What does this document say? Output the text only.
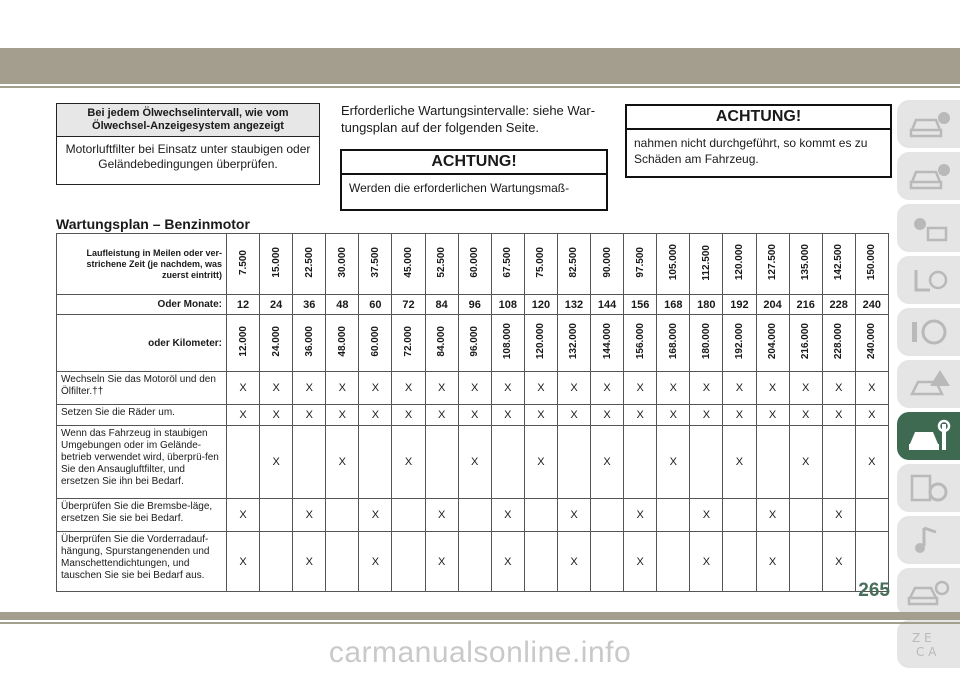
Bei jedem Ölwechselintervall, wie vom Ölwechsel-Anzeigesystem angezeigt
Motorluftfilter bei Einsatz unter staubigen oder Geländebedingungen überprüfen.
Erforderliche Wartungsintervalle: siehe War-tungsplan auf der folgenden Seite.
ACHTUNG!
Werden die erforderlichen Wartungsmaß-
ACHTUNG!
nahmen nicht durchgeführt, so kommt es zu Schäden am Fahrzeug.
Wartungsplan – Benzinmotor
Laufleistung in Meilen oder ver-strichene Zeit (je nachdem, was zuerst eintritt)	7.500	15.000	22.500	30.000	37.500	45.000	52.500	60.000	67.500	75.000	82.500	90.000	97.500	105.000	112.500	120.000	127.500	135.000	142.500	150.000
Oder Monate:	12	24	36	48	60	72	84	96	108	120	132	144	156	168	180	192	204	216	228	240
oder Kilometer:	12.000	24.000	36.000	48.000	60.000	72.000	84.000	96.000	108.000	120.000	132.000	144.000	156.000	168.000	180.000	192.000	204.000	216.000	228.000	240.000
Wechseln Sie das Motoröl und den Ölfilter.††	X	X	X	X	X	X	X	X	X	X	X	X	X	X	X	X	X	X	X	X
Setzen Sie die Räder um.	X	X	X	X	X	X	X	X	X	X	X	X	X	X	X	X	X	X	X	X
Wenn das Fahrzeug in staubigen Umgebungen oder im Gelände-betrieb verwendet wird, überprü-fen Sie den Ansaugluftfilter, und ersetzen Sie ihn bei Bedarf.		X		X		X		X		X		X		X		X		X		X
Überprüfen Sie die Bremsbe-läge, ersetzen Sie sie bei Bedarf.	X		X		X		X		X		X		X		X		X		X	
Überprüfen Sie die Vorderradauf-hängung, Spurstangenenden und Manschettendichtungen, und tauschen Sie sie bei Bedarf aus.	X		X		X		X		X		X		X		X		X		X	
Z E
C A
265
carmanualsonline.info
